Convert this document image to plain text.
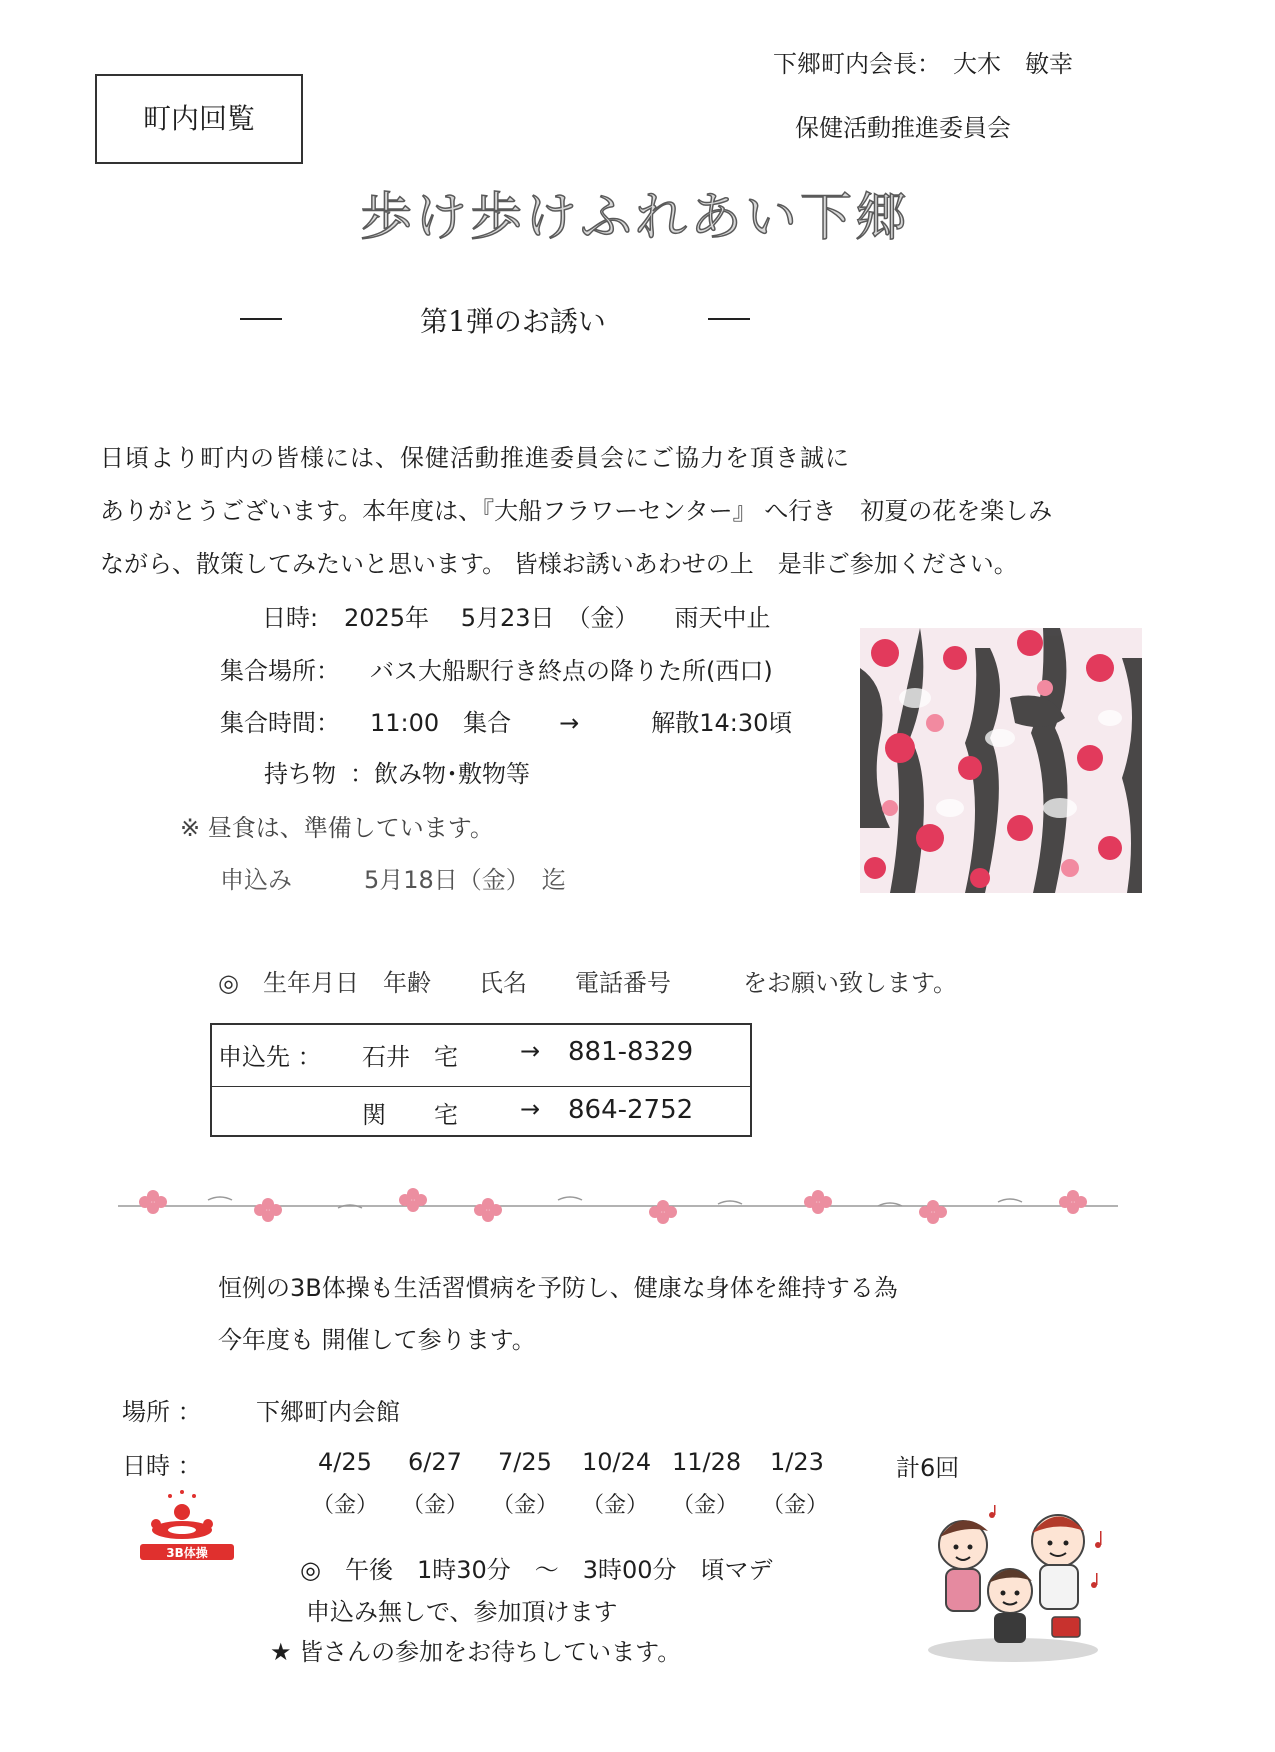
下郷町内会長：　大木　敏幸
保健活動推進委員会
町内回覧
歩け歩けふれあい下郷
第1弾のお誘い
日頃より町内の皆様には、保健活動推進委員会にご協力を頂き誠に
ありがとうございます。本年度は、『大船フラワーセンター』 へ行き　初夏の花を楽しみ
ながら、散策してみたいと思います。 皆様お誘いあわせの上　是非ご参加ください。
日時: 2025年　 5月23日　（金）　　雨天中止
集合場所： バス大船駅行き終点の降りた所(西口)
集合時間： 11:00　集合　　→　　　解散14:30頃
持ち物 ：飲み物･敷物等
※ 昼食は、準備しています。
申込み	5月18日（金）　迄
◎　生年月日　年齢　　氏名　　電話番号　　　をお願い致します。
申込先 ： 石井　宅	→ 881-8329
関　　宅	→ 864-2752
恒例の3B体操も生活習慣病を予防し、健康な身体を維持する為
今年度も 開催して参ります。
場所 ： 下郷町内会館
日時 ：	4/25 6/27 7/25 10/24 11/28 1/23	計6回
（金） （金） （金） （金） （金） （金）
3B体操
◎　午後　1時30分　～　3時00分　頃マデ
申込み無しで、参加頂けます
★ 皆さんの参加をお待ちしています。
